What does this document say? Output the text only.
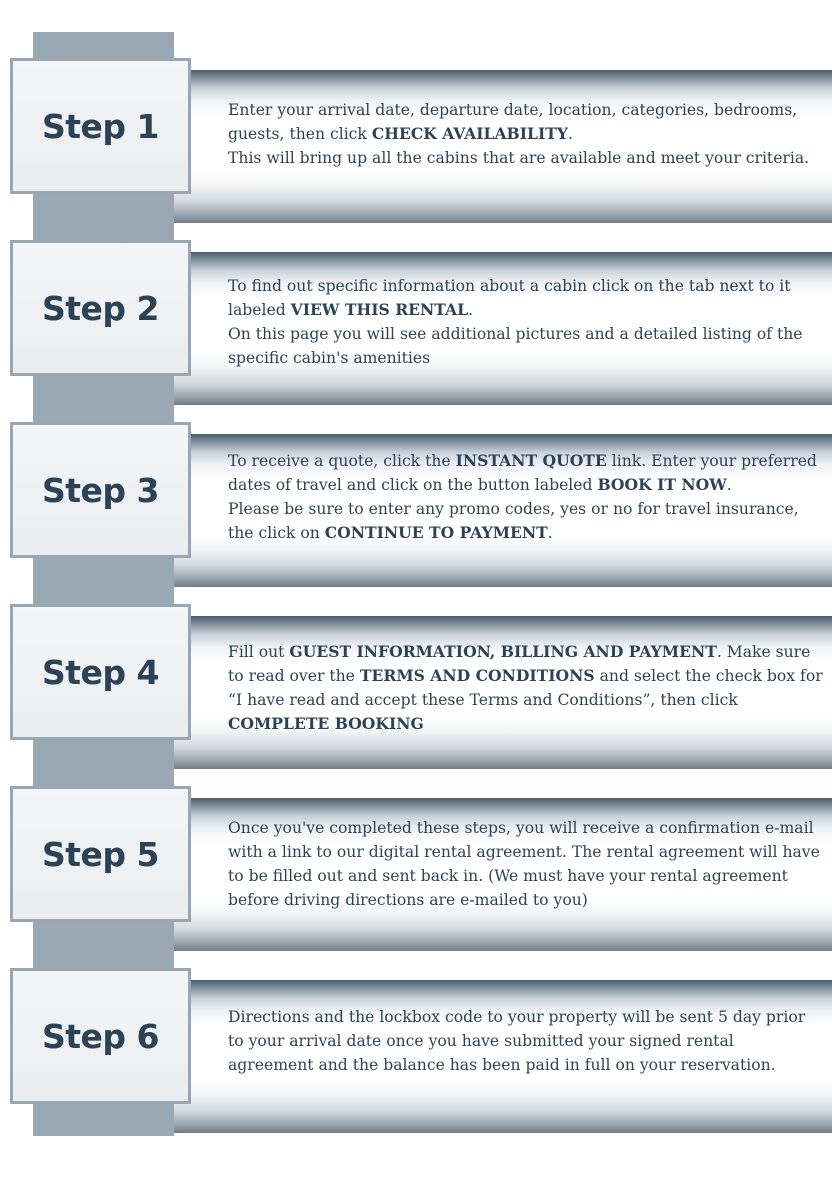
Step 1	Enter your arrival date, departure date, location, categories, bedrooms, guests, then click CHECK AVAILABILITY.
This will bring up all the cabins that are available and meet your criteria.
Step 2
To find out specific information about a cabin click on the tab next to it labeled VIEW THIS RENTAL.
On this page you will see additional pictures and a detailed listing of the specific cabin's amenities
Step 3
To receive a quote, click the INSTANT QUOTE link. Enter your preferred dates of travel and click on the button labeled BOOK IT NOW.
Please be sure to enter any promo codes, yes or no for travel insurance, the click on CONTINUE TO PAYMENT.
Step 4
Fill out GUEST INFORMATION, BILLING AND PAYMENT. Make sure to read over the TERMS AND CONDITIONS and select the check box for “I have read and accept these Terms and Conditions”, then click COMPLETE BOOKING
Step 5
Once you've completed these steps, you will receive a confirmation e-mail with a link to our digital rental agreement. The rental agreement will have to be filled out and sent back in. (We must have your rental agreement before driving directions are e-mailed to you)
Step 6	Directions and the lockbox code to your property will be sent 5 day prior to your arrival date once you have submitted your signed rental agreement and the balance has been paid in full on your reservation.
